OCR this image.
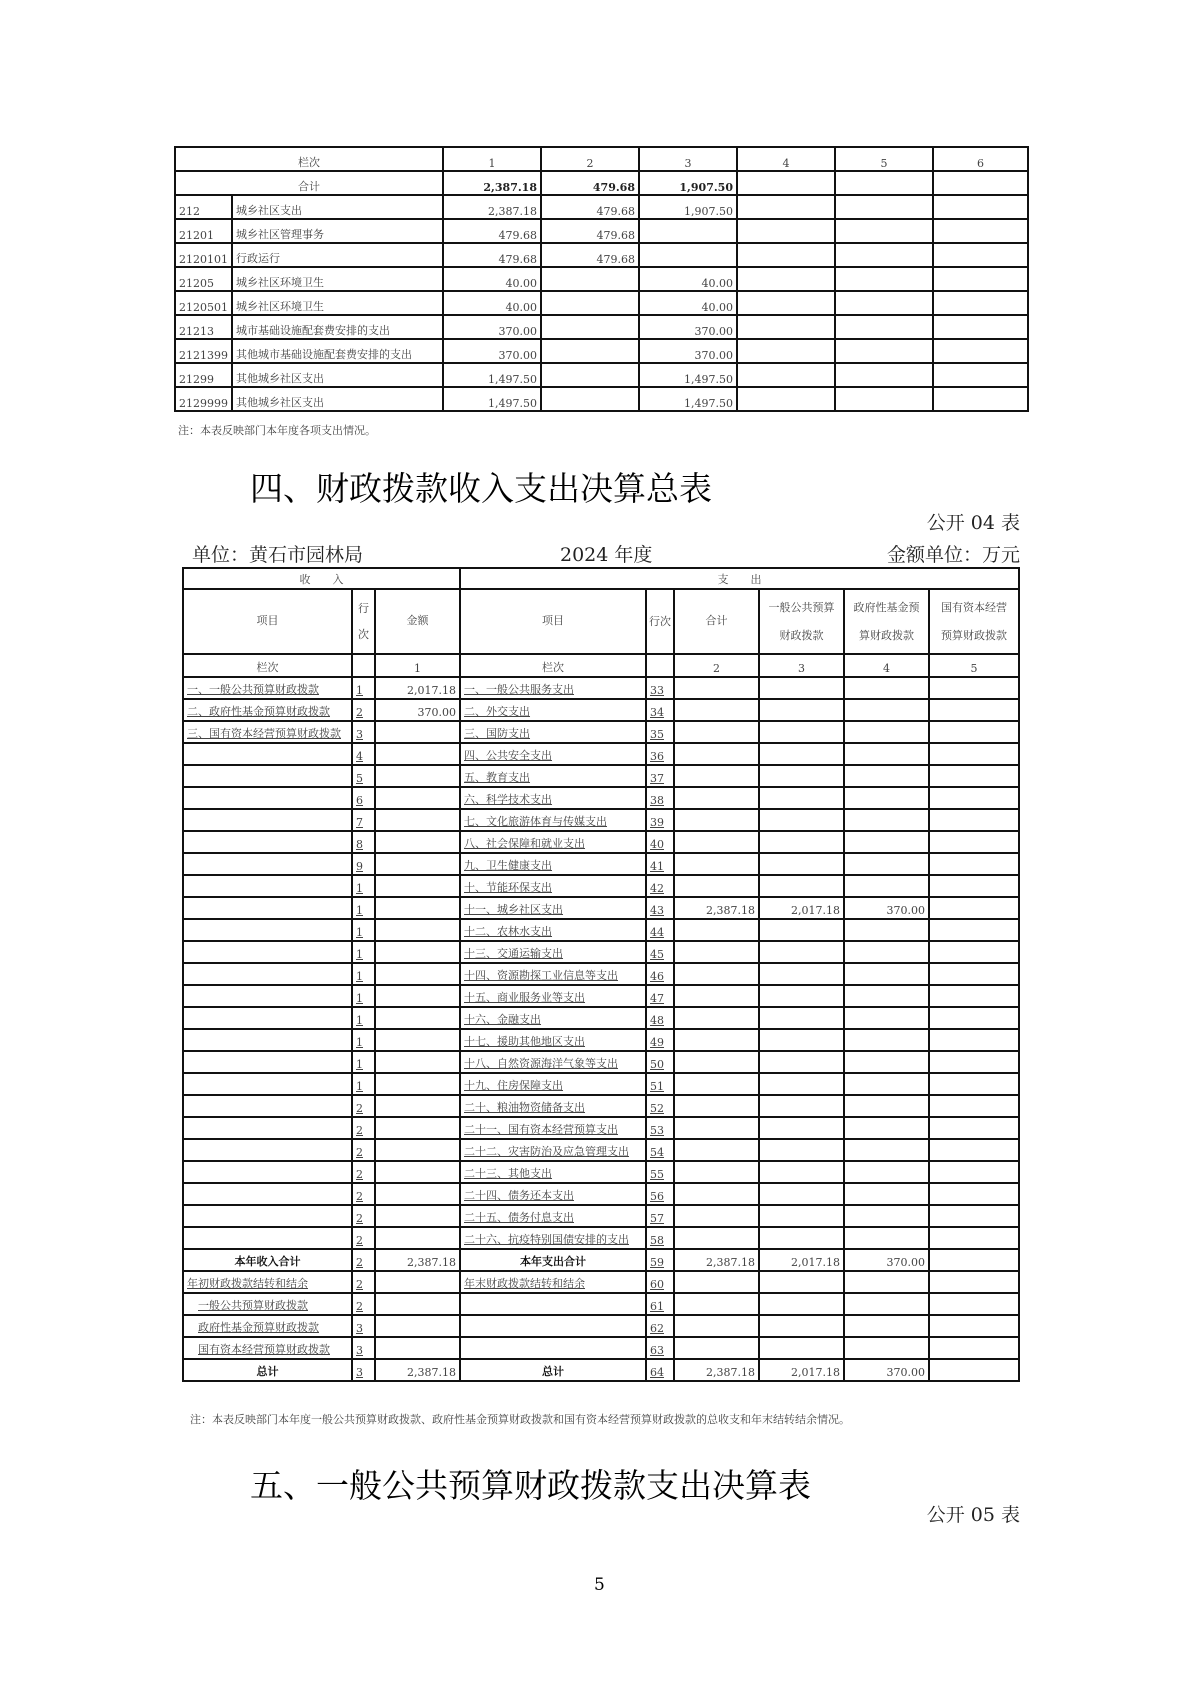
栏次		1	2	3	4	5	6
合计		2,387.18	479.68	1,907.50			
212	城乡社区支出	2,387.18	479.68	1,907.50			
21201	城乡社区管理事务	479.68	479.68				
2120101	行政运行	479.68	479.68				
21205	城乡社区环境卫生	40.00		40.00			
2120501	城乡社区环境卫生	40.00		40.00			
21213	城市基础设施配套费安排的支出	370.00		370.00			
2121399	其他城市基础设施配套费安排的支出	370.00		370.00			
21299	其他城乡社区支出	1,497.50		1,497.50			
2129999	其他城乡社区支出	1,497.50		1,497.50			
注：本表反映部门本年度各项支出情况。
四、财政拨款收入支出决算总表
公开 04 表
单位：黄石市园林局	2024 年度	金额单位：万元
收　　入			支　　出					
项目	行次	金额	项目	行次	合计	一般公共预算财政拨款	政府性基金预算财政拨款	国有资本经营预算财政拨款
栏次		1	栏次		2	3	4	5
一、一般公共预算财政拨款	1	2,017.18	一、一般公共服务支出	33				
二、政府性基金预算财政拨款	2	370.00	二、外交支出	34				
三、国有资本经营预算财政拨款	3		三、国防支出	35				
	4		四、公共安全支出	36				
	5		五、教育支出	37				
	6		六、科学技术支出	38				
	7		七、文化旅游体育与传媒支出	39				
	8		八、社会保障和就业支出	40				
	9		九、卫生健康支出	41				
	1		十、节能环保支出	42				
	1		十一、城乡社区支出	43	2,387.18	2,017.18	370.00	
	1		十二、农林水支出	44				
	1		十三、交通运输支出	45				
	1		十四、资源勘探工业信息等支出	46				
	1		十五、商业服务业等支出	47				
	1		十六、金融支出	48				
	1		十七、援助其他地区支出	49				
	1		十八、自然资源海洋气象等支出	50				
	1		十九、住房保障支出	51				
	2		二十、粮油物资储备支出	52				
	2		二十一、国有资本经营预算支出	53				
	2		二十二、灾害防治及应急管理支出	54				
	2		二十三、其他支出	55				
	2		二十四、债务还本支出	56				
	2		二十五、债务付息支出	57				
	2		二十六、抗疫特别国债安排的支出	58				
本年收入合计	2	2,387.18	本年支出合计	59	2,387.18	2,017.18	370.00	
年初财政拨款结转和结余	2		年末财政拨款结转和结余	60				
一般公共预算财政拨款	2			61				
政府性基金预算财政拨款	3			62				
国有资本经营预算财政拨款	3			63				
总计	3	2,387.18	总计	64	2,387.18	2,017.18	370.00	
注：本表反映部门本年度一般公共预算财政拨款、政府性基金预算财政拨款和国有资本经营预算财政拨款的总收支和年末结转结余情况。
五、一般公共预算财政拨款支出决算表
公开 05 表
5
